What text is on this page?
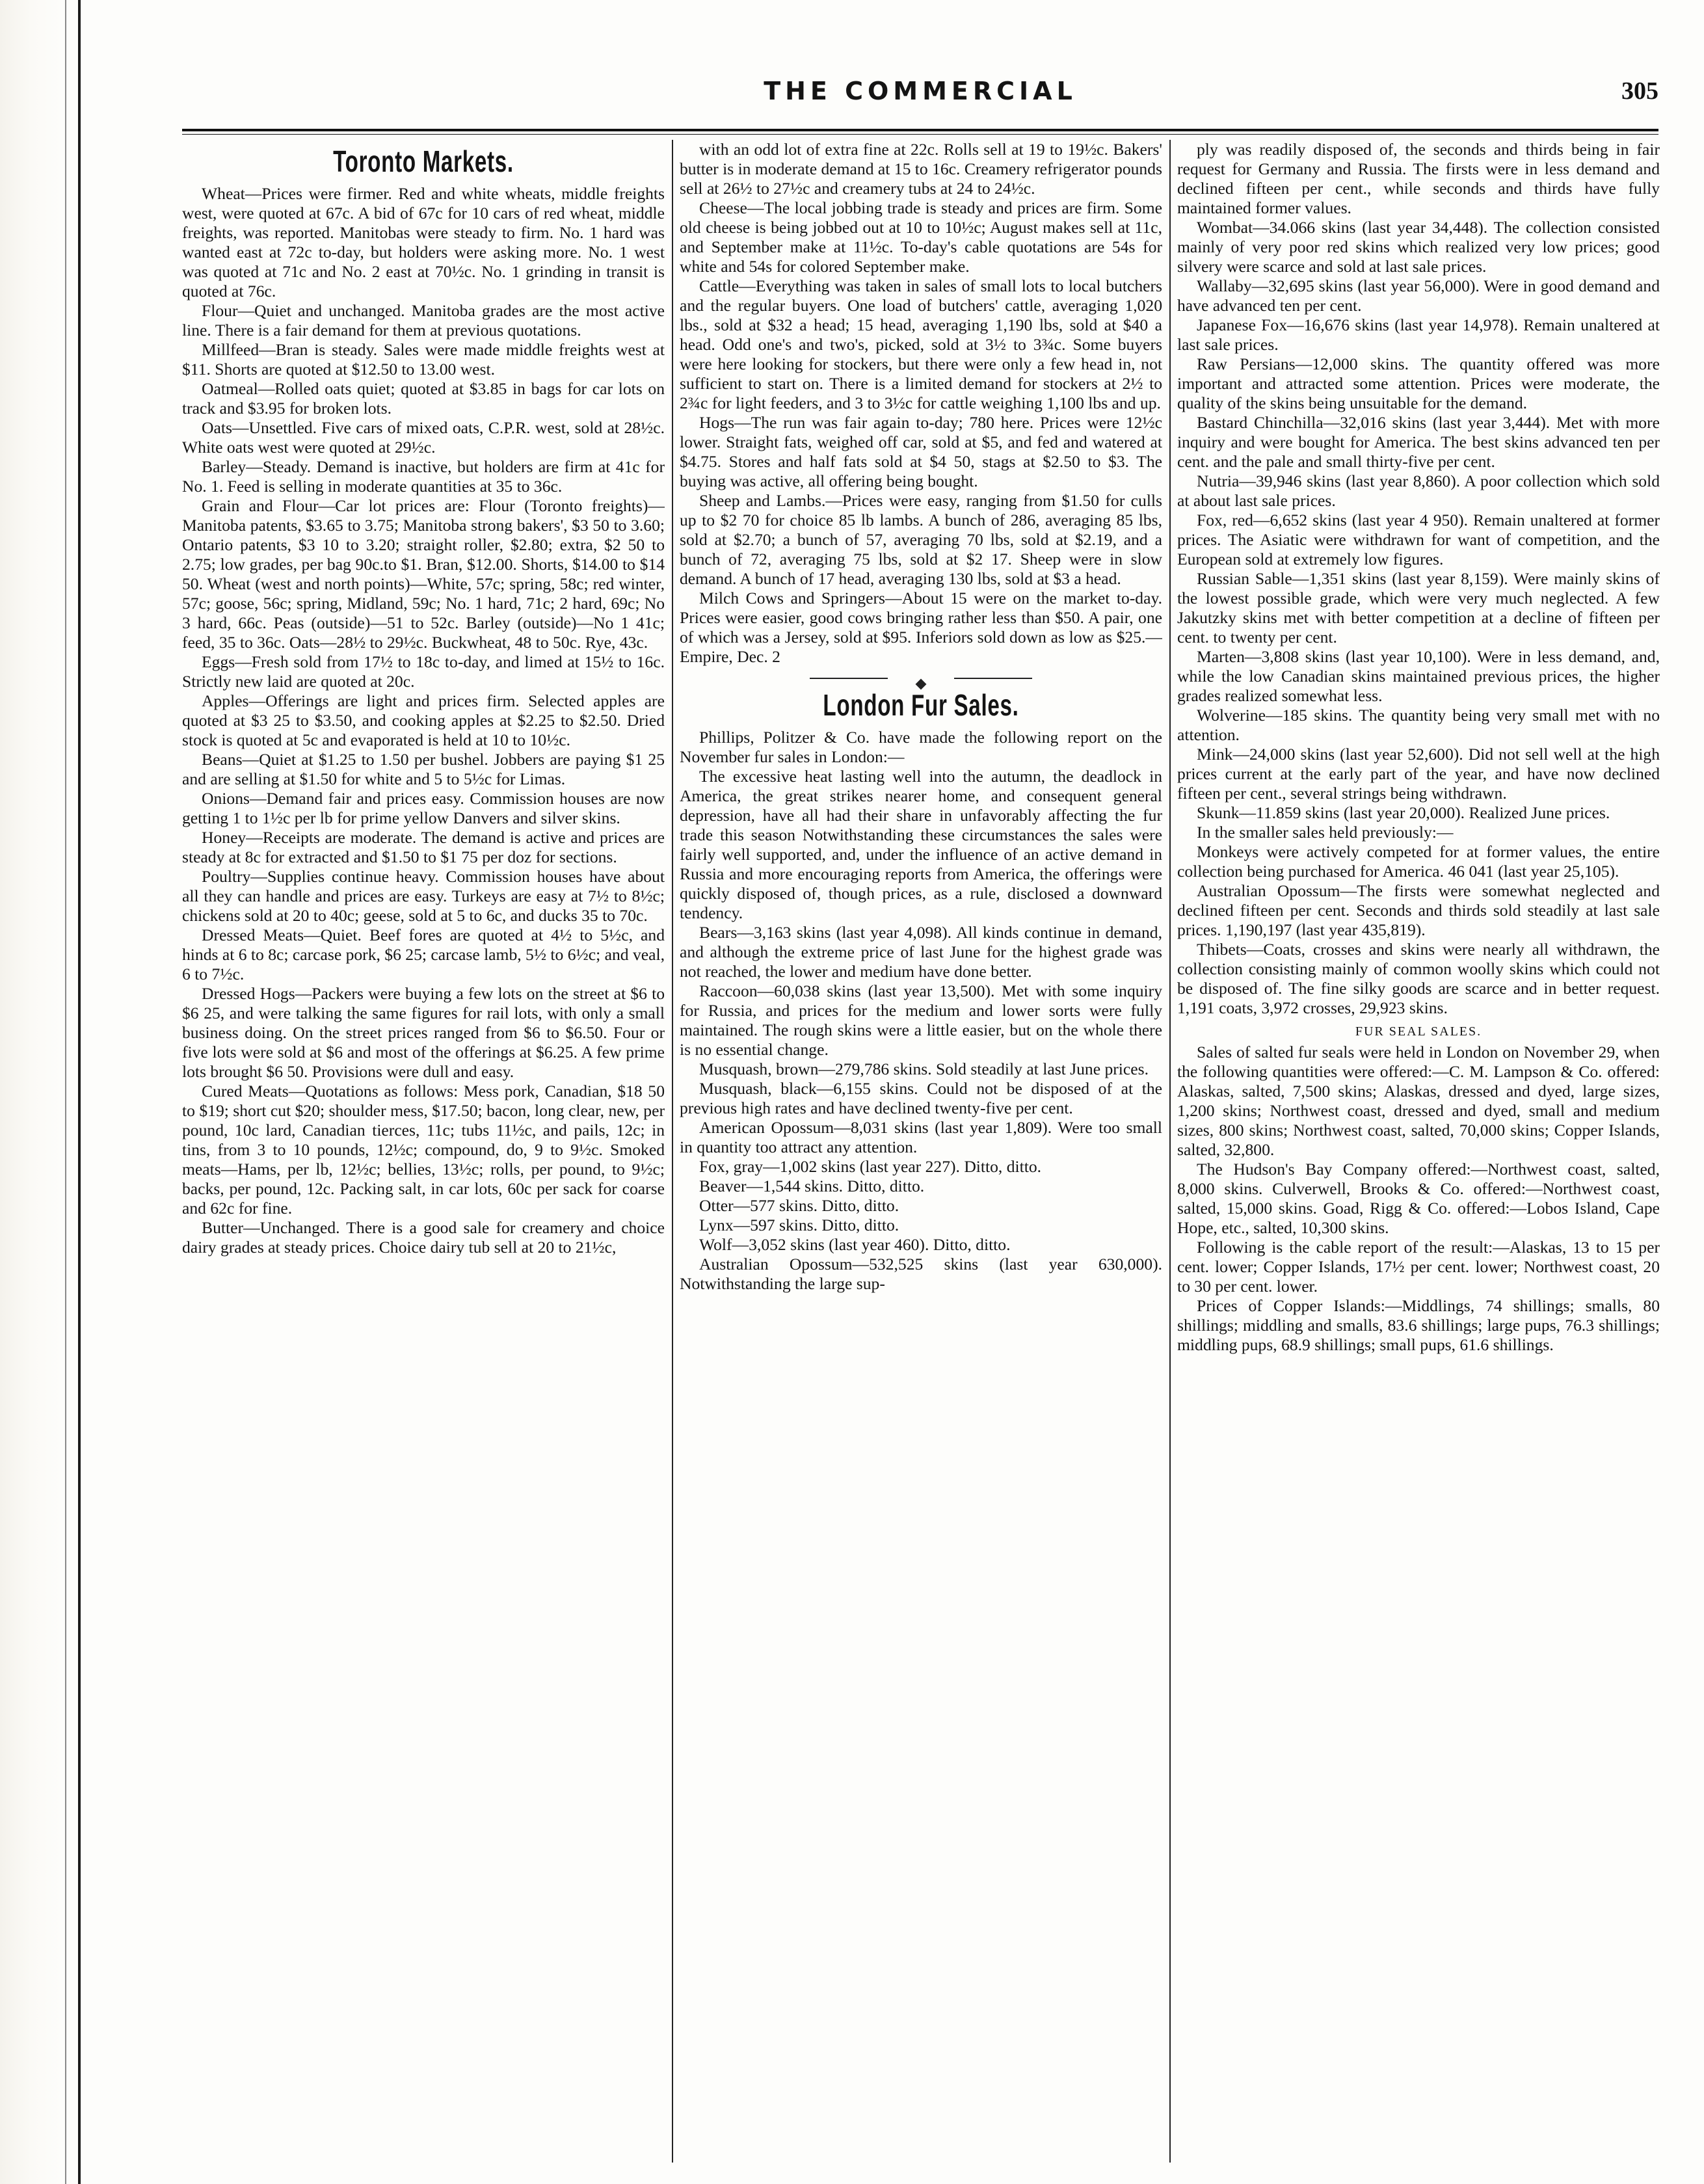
THE COMMERCIAL	305
Toronto Markets.

Wheat—Prices were firmer. Red and white wheats, middle freights west, were quoted at 67c. A bid of 67c for 10 cars of red wheat, middle freights, was reported. Manitobas were steady to firm. No. 1 hard was wanted east at 72c to-day, but holders were asking more. No. 1 west was quoted at 71c and No. 2 east at 70½c. No. 1 grinding in transit is quoted at 76c.

Flour—Quiet and unchanged. Manitoba grades are the most active line. There is a fair demand for them at previous quotations.

Millfeed—Bran is steady. Sales were made middle freights west at $11. Shorts are quoted at $12.50 to 13.00 west.

Oatmeal—Rolled oats quiet; quoted at $3.85 in bags for car lots on track and $3.95 for broken lots.

Oats—Unsettled. Five cars of mixed oats, C.P.R. west, sold at 28½c. White oats west were quoted at 29½c.

Barley—Steady. Demand is inactive, but holders are firm at 41c for No. 1. Feed is selling in moderate quantities at 35 to 36c.

Grain and Flour—Car lot prices are: Flour (Toronto freights)—Manitoba patents, $3.65 to 3.75; Manitoba strong bakers', $3 50 to 3.60; Ontario patents, $3 10 to 3.20; straight roller, $2.80; extra, $2 50 to 2.75; low grades, per bag 90c.to $1. Bran, $12.00. Shorts, $14.00 to $14 50. Wheat (west and north points)—White, 57c; spring, 58c; red winter, 57c; goose, 56c; spring, Midland, 59c; No. 1 hard, 71c; 2 hard, 69c; No 3 hard, 66c. Peas (outside)—51 to 52c. Barley (outside)—No 1 41c; feed, 35 to 36c. Oats—28½ to 29½c. Buckwheat, 48 to 50c. Rye, 43c.

Eggs—Fresh sold from 17½ to 18c to-day, and limed at 15½ to 16c. Strictly new laid are quoted at 20c.

Apples—Offerings are light and prices firm. Selected apples are quoted at $3 25 to $3.50, and cooking apples at $2.25 to $2.50. Dried stock is quoted at 5c and evaporated is held at 10 to 10½c.

Beans—Quiet at $1.25 to 1.50 per bushel. Jobbers are paying $1 25 and are selling at $1.50 for white and 5 to 5½c for Limas.

Onions—Demand fair and prices easy. Commission houses are now getting 1 to 1½c per lb for prime yellow Danvers and silver skins.

Honey—Receipts are moderate. The demand is active and prices are steady at 8c for extracted and $1.50 to $1 75 per doz for sections.

Poultry—Supplies continue heavy. Commission houses have about all they can handle and prices are easy. Turkeys are easy at 7½ to 8½c; chickens sold at 20 to 40c; geese, sold at 5 to 6c, and ducks 35 to 70c.

Dressed Meats—Quiet. Beef fores are quoted at 4½ to 5½c, and hinds at 6 to 8c; carcase pork, $6 25; carcase lamb, 5½ to 6½c; and veal, 6 to 7½c.

Dressed Hogs—Packers were buying a few lots on the street at $6 to $6 25, and were talking the same figures for rail lots, with only a small business doing. On the street prices ranged from $6 to $6.50. Four or five lots were sold at $6 and most of the offerings at $6.25. A few prime lots brought $6 50. Provisions were dull and easy.

Cured Meats—Quotations as follows: Mess pork, Canadian, $18 50 to $19; short cut $20; shoulder mess, $17.50; bacon, long clear, new, per pound, 10c lard, Canadian tierces, 11c; tubs 11½c, and pails, 12c; in tins, from 3 to 10 pounds, 12½c; compound, do, 9 to 9½c. Smoked meats—Hams, per lb, 12½c; bellies, 13½c; rolls, per pound, to 9½c; backs, per pound, 12c. Packing salt, in car lots, 60c per sack for coarse and 62c for fine.

Butter—Unchanged. There is a good sale for creamery and choice dairy grades at steady prices. Choice dairy tub sell at 20 to 21½c,

with an odd lot of extra fine at 22c. Rolls sell at 19 to 19½c. Bakers' butter is in moderate demand at 15 to 16c. Creamery refrigerator pounds sell at 26½ to 27½c and creamery tubs at 24 to 24½c.

Cheese—The local jobbing trade is steady and prices are firm. Some old cheese is being jobbed out at 10 to 10½c; August makes sell at 11c, and September make at 11½c. To-day's cable quotations are 54s for white and 54s for colored September make.

Cattle—Everything was taken in sales of small lots to local butchers and the regular buyers. One load of butchers' cattle, averaging 1,020 lbs., sold at $32 a head; 15 head, averaging 1,190 lbs, sold at $40 a head. Odd one's and two's, picked, sold at 3½ to 3¾c. Some buyers were here looking for stockers, but there were only a few head in, not sufficient to start on. There is a limited demand for stockers at 2½ to 2¾c for light feeders, and 3 to 3½c for cattle weighing 1,100 lbs and up.

Hogs—The run was fair again to-day; 780 here. Prices were 12½c lower. Straight fats, weighed off car, sold at $5, and fed and watered at $4.75. Stores and half fats sold at $4 50, stags at $2.50 to $3. The buying was active, all offering being bought.

Sheep and Lambs.—Prices were easy, ranging from $1.50 for culls up to $2 70 for choice 85 lb lambs. A bunch of 286, averaging 85 lbs, sold at $2.70; a bunch of 57, averaging 70 lbs, sold at $2.19, and a bunch of 72, averaging 75 lbs, sold at $2 17. Sheep were in slow demand. A bunch of 17 head, averaging 130 lbs, sold at $3 a head.

Milch Cows and Springers—About 15 were on the market to-day. Prices were easier, good cows bringing rather less than $50. A pair, one of which was a Jersey, sold at $95. Inferiors sold down as low as $25.—Empire, Dec. 2

London Fur Sales.

Phillips, Politzer & Co. have made the following report on the November fur sales in London:—

The excessive heat lasting well into the autumn, the deadlock in America, the great strikes nearer home, and consequent general depression, have all had their share in unfavorably affecting the fur trade this season Notwithstanding these circumstances the sales were fairly well supported, and, under the influence of an active demand in Russia and more encouraging reports from America, the offerings were quickly disposed of, though prices, as a rule, disclosed a downward tendency.

Bears—3,163 skins (last year 4,098). All kinds continue in demand, and although the extreme price of last June for the highest grade was not reached, the lower and medium have done better.

Raccoon—60,038 skins (last year 13,500). Met with some inquiry for Russia, and prices for the medium and lower sorts were fully maintained. The rough skins were a little easier, but on the whole there is no essential change.

Musquash, brown—279,786 skins. Sold steadily at last June prices.

Musquash, black—6,155 skins. Could not be disposed of at the previous high rates and have declined twenty-five per cent.

American Opossum—8,031 skins (last year 1,809). Were too small in quantity too attract any attention.

Fox, gray—1,002 skins (last year 227). Ditto, ditto.

Beaver—1,544 skins. Ditto, ditto.

Otter—577 skins. Ditto, ditto.

Lynx—597 skins. Ditto, ditto.

Wolf—3,052 skins (last year 460). Ditto, ditto.

Australian Opossum—532,525 skins (last year 630,000). Notwithstanding the large sup-

ply was readily disposed of, the seconds and thirds being in fair request for Germany and Russia. The firsts were in less demand and declined fifteen per cent., while seconds and thirds have fully maintained former values.

Wombat—34.066 skins (last year 34,448). The collection consisted mainly of very poor red skins which realized very low prices; good silvery were scarce and sold at last sale prices.

Wallaby—32,695 skins (last year 56,000). Were in good demand and have advanced ten per cent.

Japanese Fox—16,676 skins (last year 14,978). Remain unaltered at last sale prices.

Raw Persians—12,000 skins. The quantity offered was more important and attracted some attention. Prices were moderate, the quality of the skins being unsuitable for the demand.

Bastard Chinchilla—32,016 skins (last year 3,444). Met with more inquiry and were bought for America. The best skins advanced ten per cent. and the pale and small thirty-five per cent.

Nutria—39,946 skins (last year 8,860). A poor collection which sold at about last sale prices.

Fox, red—6,652 skins (last year 4 950). Remain unaltered at former prices. The Asiatic were withdrawn for want of competition, and the European sold at extremely low figures.

Russian Sable—1,351 skins (last year 8,159). Were mainly skins of the lowest possible grade, which were very much neglected. A few Jakutzky skins met with better competition at a decline of fifteen per cent. to twenty per cent.

Marten—3,808 skins (last year 10,100). Were in less demand, and, while the low Canadian skins maintained previous prices, the higher grades realized somewhat less.

Wolverine—185 skins. The quantity being very small met with no attention.

Mink—24,000 skins (last year 52,600). Did not sell well at the high prices current at the early part of the year, and have now declined fifteen per cent., several strings being withdrawn.

Skunk—11.859 skins (last year 20,000). Realized June prices.

In the smaller sales held previously:—

Monkeys were actively competed for at former values, the entire collection being purchased for America. 46 041 (last year 25,105).

Australian Opossum—The firsts were somewhat neglected and declined fifteen per cent. Seconds and thirds sold steadily at last sale prices. 1,190,197 (last year 435,819).

Thibets—Coats, crosses and skins were nearly all withdrawn, the collection consisting mainly of common woolly skins which could not be disposed of. The fine silky goods are scarce and in better request. 1,191 coats, 3,972 crosses, 29,923 skins.

FUR SEAL SALES.

Sales of salted fur seals were held in London on November 29, when the following quantities were offered:—C. M. Lampson & Co. offered: Alaskas, salted, 7,500 skins; Alaskas, dressed and dyed, large sizes, 1,200 skins; Northwest coast, dressed and dyed, small and medium sizes, 800 skins; Northwest coast, salted, 70,000 skins; Copper Islands, salted, 32,800.

The Hudson's Bay Company offered:—Northwest coast, salted, 8,000 skins. Culverwell, Brooks & Co. offered:—Northwest coast, salted, 15,000 skins. Goad, Rigg & Co. offered:—Lobos Island, Cape Hope, etc., salted, 10,300 skins.

Following is the cable report of the result:—Alaskas, 13 to 15 per cent. lower; Copper Islands, 17½ per cent. lower; Northwest coast, 20 to 30 per cent. lower.

Prices of Copper Islands:—Middlings, 74 shillings; smalls, 80 shillings; middling and smalls, 83.6 shillings; large pups, 76.3 shillings; middling pups, 68.9 shillings; small pups, 61.6 shillings.
